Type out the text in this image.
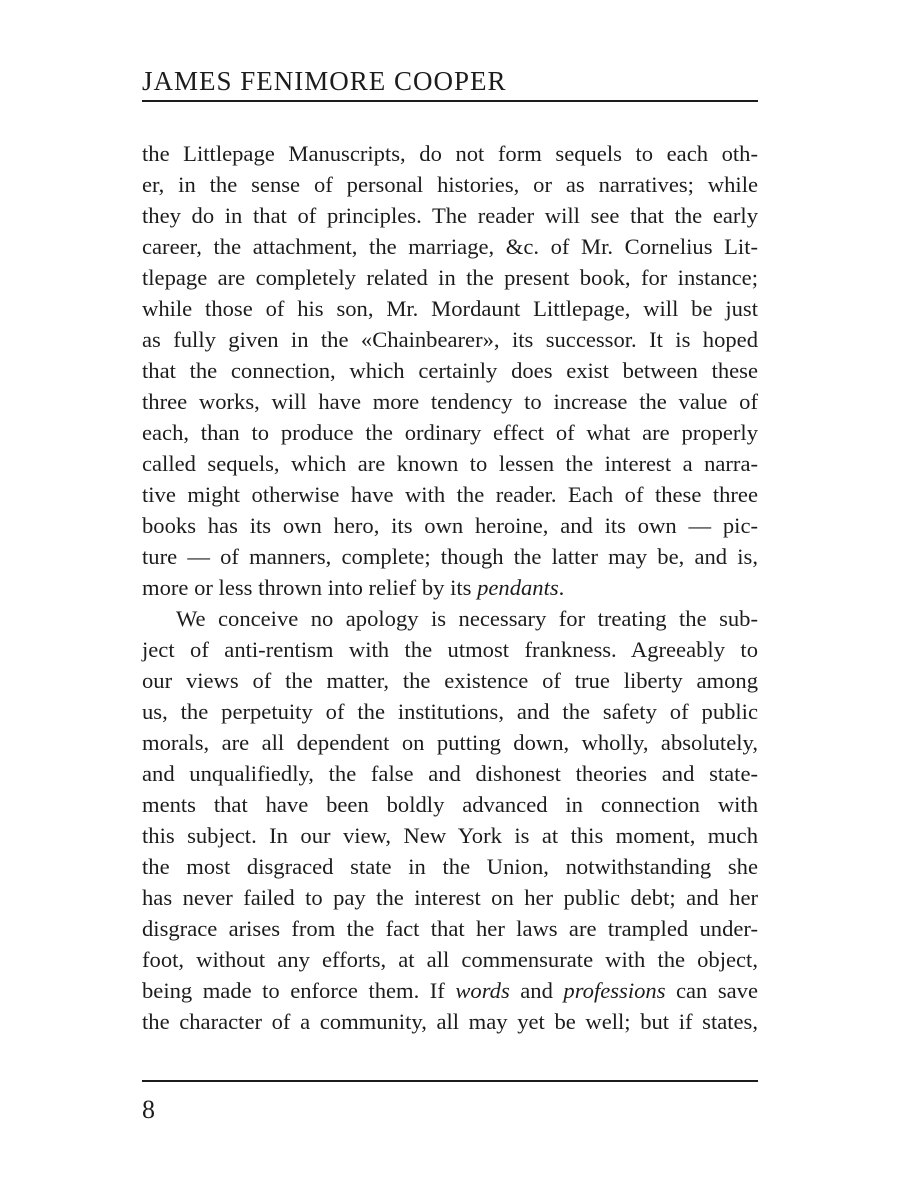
JAMES FENIMORE COOPER
the Littlepage Manuscripts, do not form sequels to each oth-
er, in the sense of personal histories, or as narratives; while
they do in that of principles. The reader will see that the early
career, the attachment, the marriage, &c. of Mr. Cornelius Lit-
tlepage are completely related in the present book, for instance;
while those of his son, Mr. Mordaunt Littlepage, will be just
as fully given in the «Chainbearer», its successor. It is hoped
that the connection, which certainly does exist between these
three works, will have more tendency to increase the value of
each, than to produce the ordinary effect of what are properly
called sequels, which are known to lessen the interest a narra-
tive might otherwise have with the reader. Each of these three
books has its own hero, its own heroine, and its own — pic-
ture — of manners, complete; though the latter may be, and is,
more or less thrown into relief by its pendants.
We conceive no apology is necessary for treating the sub-
ject of anti-rentism with the utmost frankness. Agreeably to
our views of the matter, the existence of true liberty among
us, the perpetuity of the institutions, and the safety of public
morals, are all dependent on putting down, wholly, absolutely,
and unqualifiedly, the false and dishonest theories and state-
ments that have been boldly advanced in connection with
this subject. In our view, New York is at this moment, much
the most disgraced state in the Union, notwithstanding she
has never failed to pay the interest on her public debt; and her
disgrace arises from the fact that her laws are trampled under-
foot, without any efforts, at all commensurate with the object,
being made to enforce them. If words and professions can save
the character of a community, all may yet be well; but if states,
8
